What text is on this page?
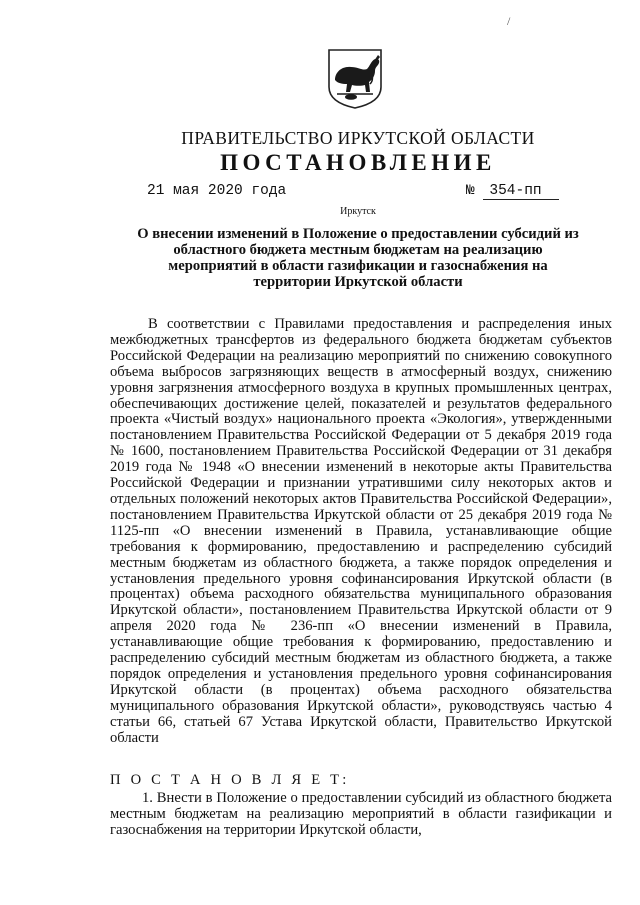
/
ПРАВИТЕЛЬСТВО ИРКУТСКОЙ ОБЛАСТИ
ПОСТАНОВЛЕНИЕ
21 мая 2020 года	№ 354-пп
Иркутск
О внесении изменений в Положение о предоставлении субсидий из областного бюджета местным бюджетам на реализацию мероприятий в области газификации и газоснабжения на территории Иркутской области

В соответствии с Правилами предоставления и распределения иных межбюджетных трансфертов из федерального бюджета бюджетам субъектов Российской Федерации на реализацию мероприятий по снижению совокупного объема выбросов загрязняющих веществ в атмосферный воздух, снижению уровня загрязнения атмосферного воздуха в крупных промышленных центрах, обеспечивающих достижение целей, показателей и результатов федерального проекта «Чистый воздух» национального проекта «Экология», утвержденными постановлением Правительства Российской Федерации от 5 декабря 2019 года № 1600, постановлением Правительства Российской Федерации от 31 декабря 2019 года № 1948 «О внесении изменений в некоторые акты Правительства Российской Федерации и признании утратившими силу некоторых актов и отдельных положений некоторых актов Правительства Российской Федерации», постановлением Правительства Иркутской области от 25 декабря 2019 года № 1125-пп «О внесении изменений в Правила, устанавливающие общие требования к формированию, предоставлению и распределению субсидий местным бюджетам из областного бюджета, а также порядок определения и установления предельного уровня софинансирования Иркутской области (в процентах) объема расходного обязательства муниципального образования Иркутской области», постановлением Правительства Иркутской области от 9 апреля 2020 года № 236-пп «О внесении изменений в Правила, устанавливающие общие требования к формированию, предоставлению и распределению субсидий местным бюджетам из областного бюджета, а также порядок определения и установления предельного уровня софинансирования Иркутской области (в процентах) объема расходного обязательства муниципального образования Иркутской области», руководствуясь частью 4 статьи 66, статьей 67 Устава Иркутской области, Правительство Иркутской области

П О С Т А Н О В Л Я Е Т:

1. Внести в Положение о предоставлении субсидий из областного бюджета местным бюджетам на реализацию мероприятий в области газификации и газоснабжения на территории Иркутской области,
